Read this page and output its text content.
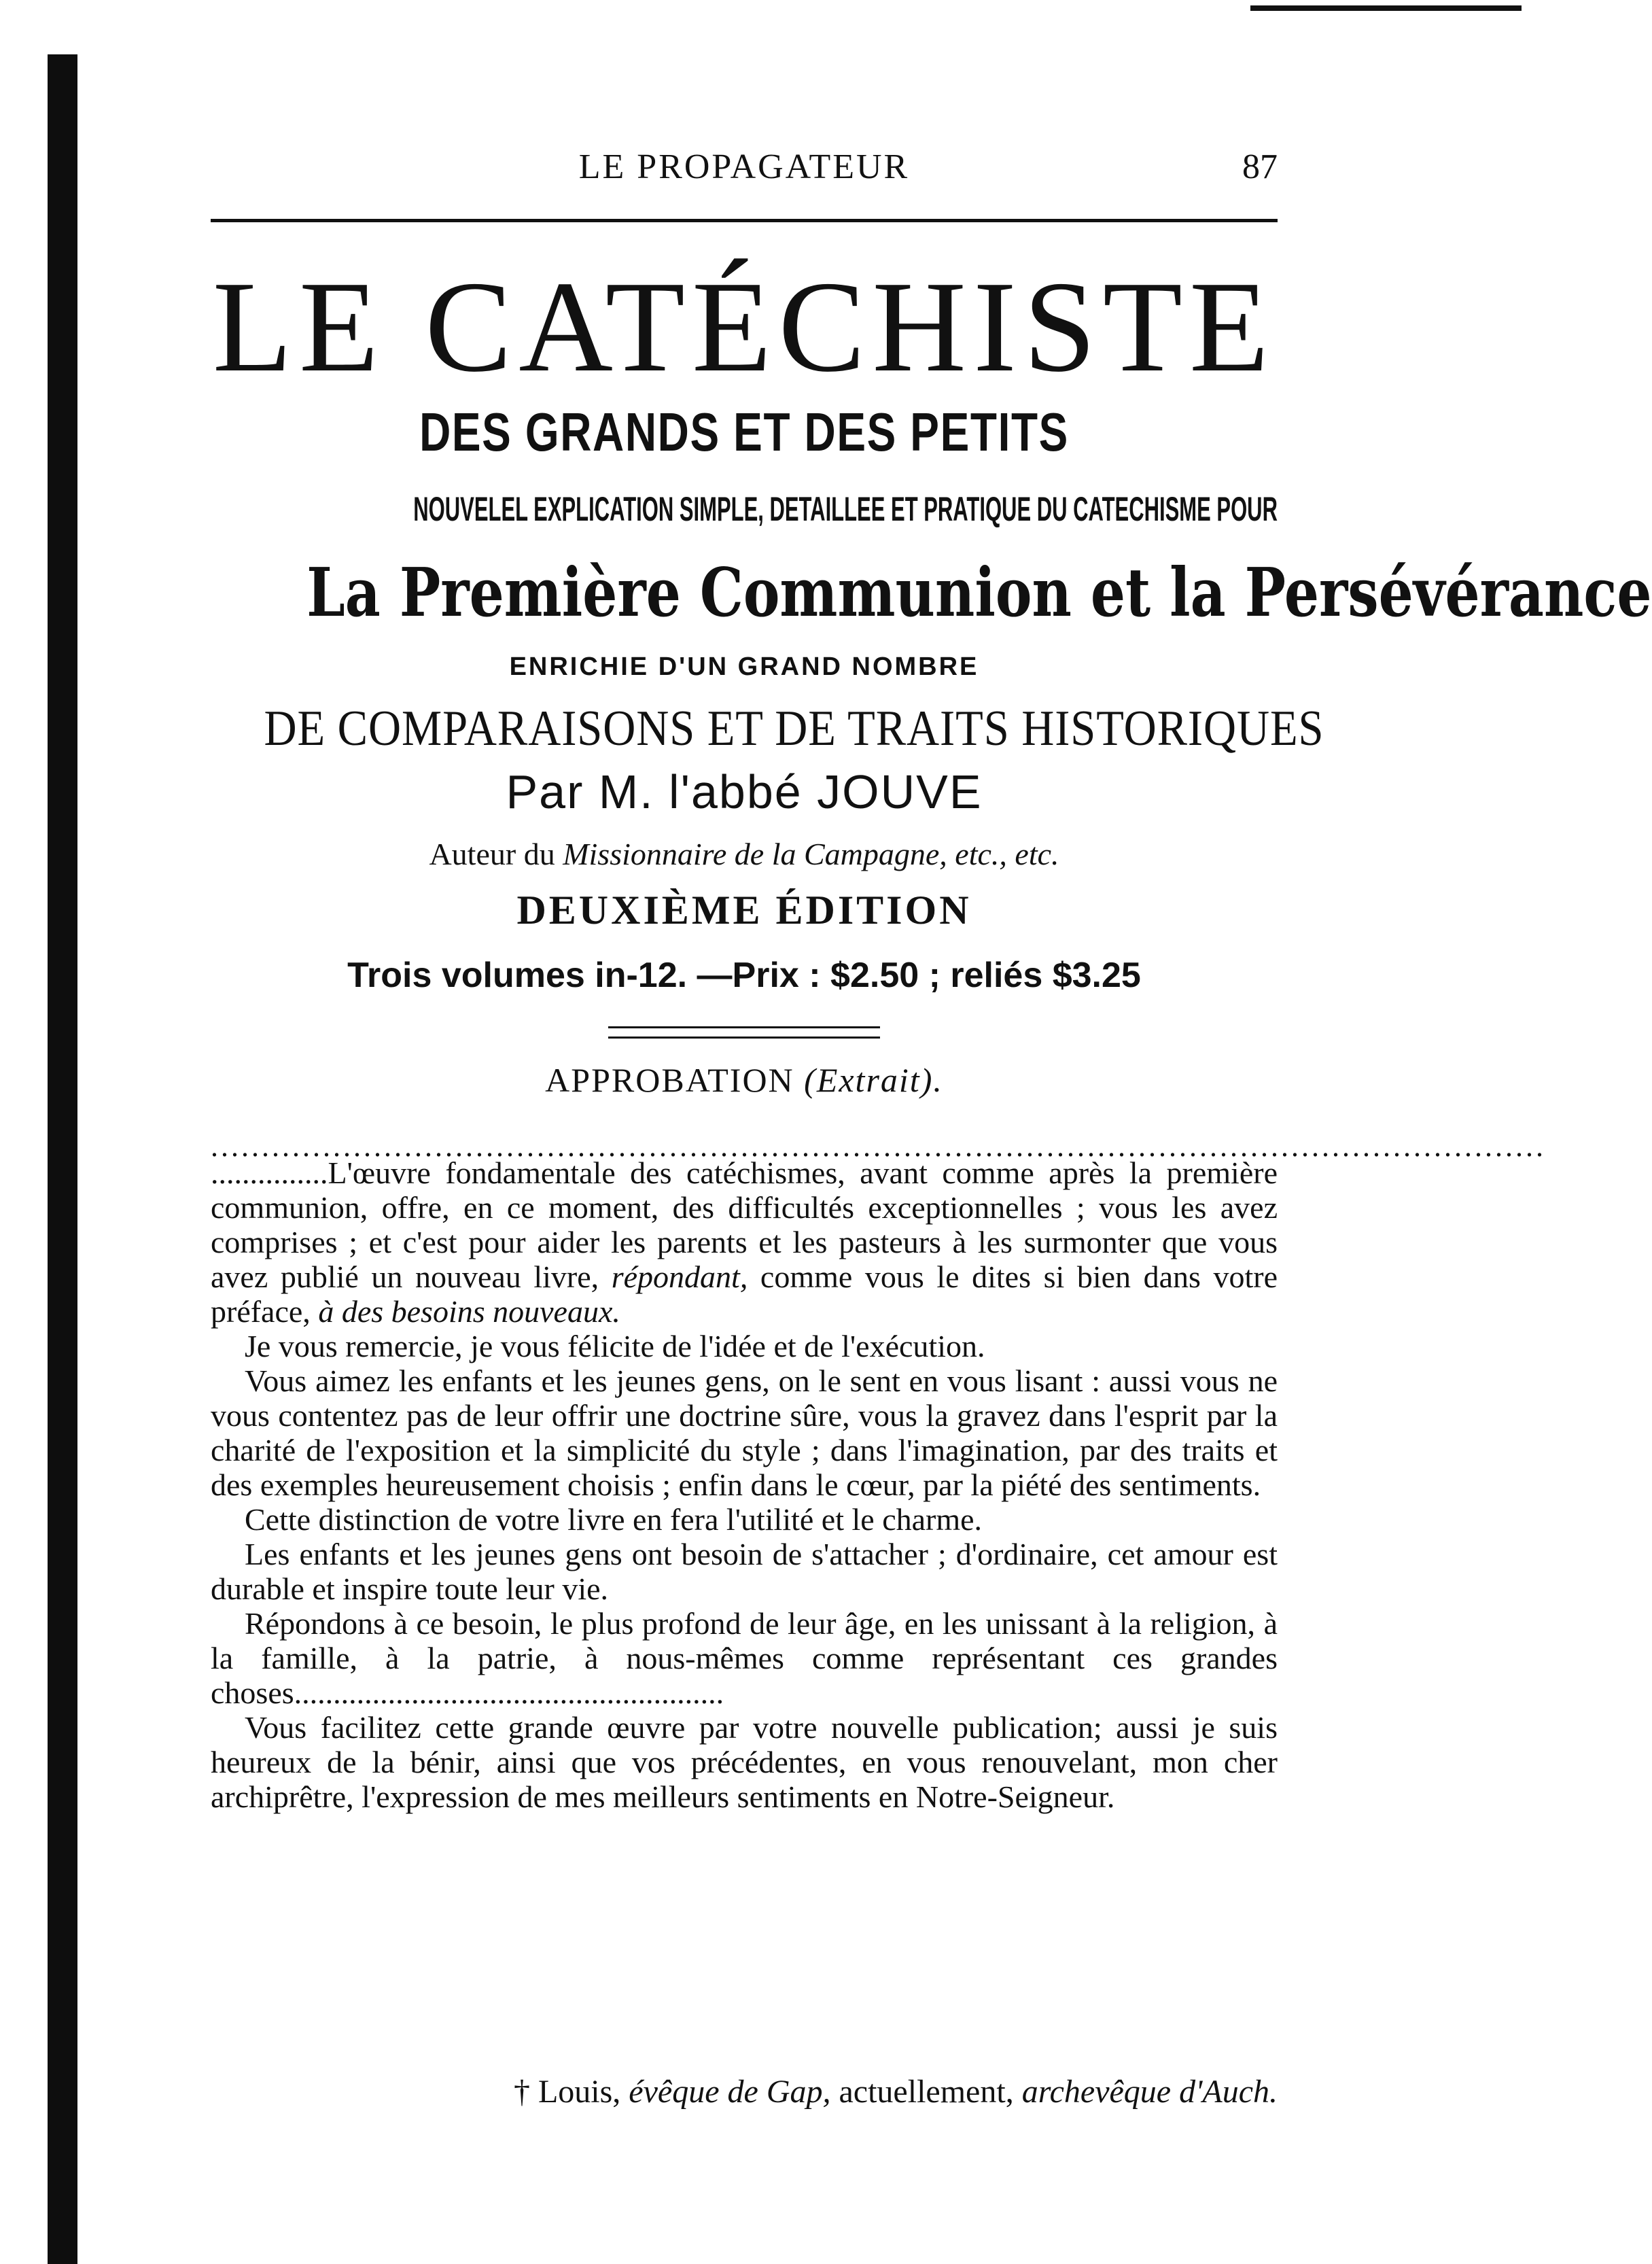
LE PROPAGATEUR	87
LE CATÉCHISTE
DES GRANDS ET DES PETITS
NOUVELEL EXPLICATION SIMPLE, DETAILLEE ET PRATIQUE DU CATECHISME POUR
La Première Communion et la Persévérance
ENRICHIE D'UN GRAND NOMBRE
DE COMPARAISONS ET DE TRAITS HISTORIQUES
Par M. l'abbé JOUVE
Auteur du Missionnaire de la Campagne, etc., etc.
DEUXIÈME ÉDITION
Trois volumes in-12. —Prix : $2.50 ; reliés $3.25
APPROBATION (Extrait).
...................................................................................................................................

...............L'œuvre fondamentale des catéchismes, avant comme après la première communion, offre, en ce moment, des difficultés exceptionnelles ; vous les avez comprises ; et c'est pour aider les parents et les pasteurs à les surmonter que vous avez publié un nouveau livre, répondant, comme vous le dites si bien dans votre préface, à des besoins nouveaux.

Je vous remercie, je vous félicite de l'idée et de l'exécution.

Vous aimez les enfants et les jeunes gens, on le sent en vous lisant : aussi vous ne vous contentez pas de leur offrir une doctrine sûre, vous la gravez dans l'esprit par la charité de l'exposition et la simplicité du style ; dans l'imagination, par des traits et des exemples heureusement choisis ; enfin dans le cœur, par la piété des sentiments.

Cette distinction de votre livre en fera l'utilité et le charme.

Les enfants et les jeunes gens ont besoin de s'attacher ; d'ordinaire, cet amour est durable et inspire toute leur vie.

Répondons à ce besoin, le plus profond de leur âge, en les unissant à la religion, à la famille, à la patrie, à nous-mêmes comme représentant ces grandes choses.......................................................

Vous facilitez cette grande œuvre par votre nouvelle publication; aussi je suis heureux de la bénir, ainsi que vos précédentes, en vous renouvelant, mon cher archiprêtre, l'expression de mes meilleurs sentiments en Notre-Seigneur.

† Louis, évêque de Gap, actuellement, archevêque d'Auch.
